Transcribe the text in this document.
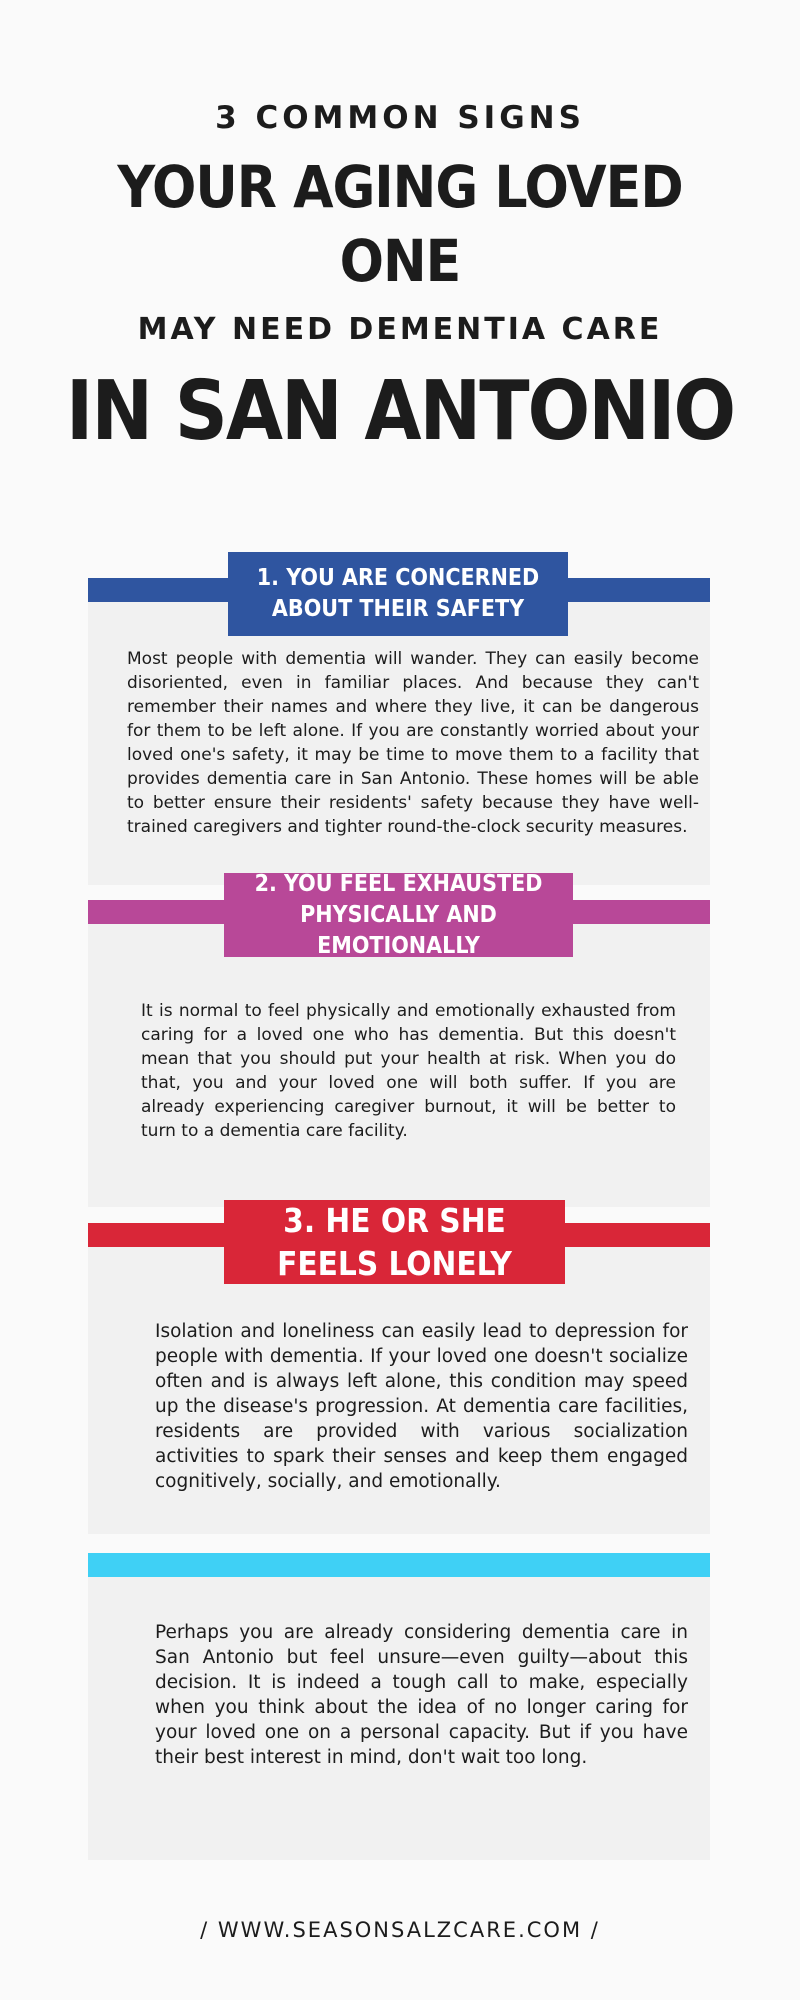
3 COMMON SIGNS
YOUR AGING LOVED
ONE
MAY NEED DEMENTIA CARE
IN SAN ANTONIO
1. YOU ARE CONCERNED
ABOUT THEIR SAFETY
Most people with dementia will wander. They can easily become disoriented, even in familiar places. And because they can't remember their names and where they live, it can be dangerous for them to be left alone. If you are constantly worried about your loved one's safety, it may be time to move them to a facility that provides dementia care in San Antonio. These homes will be able to better ensure their residents' safety because they have well-trained caregivers and tighter round-the-clock security measures.
2. YOU FEEL EXHAUSTED
PHYSICALLY AND EMOTIONALLY
It is normal to feel physically and emotionally exhausted from caring for a loved one who has dementia. But this doesn't mean that you should put your health at risk. When you do that, you and your loved one will both suffer. If you are already experiencing caregiver burnout, it will be better to turn to a dementia care facility.
3. HE OR SHE
FEELS LONELY
Isolation and loneliness can easily lead to depression for people with dementia. If your loved one doesn't socialize often and is always left alone, this condition may speed up the disease's progression. At dementia care facilities, residents are provided with various socialization activities to spark their senses and keep them engaged cognitively, socially, and emotionally.
Perhaps you are already considering dementia care in San Antonio but feel unsure—even guilty—about this decision. It is indeed a tough call to make, especially when you think about the idea of no longer caring for your loved one on a personal capacity. But if you have their best interest in mind, don't wait too long.
/ WWW.SEASONSALZCARE.COM /
